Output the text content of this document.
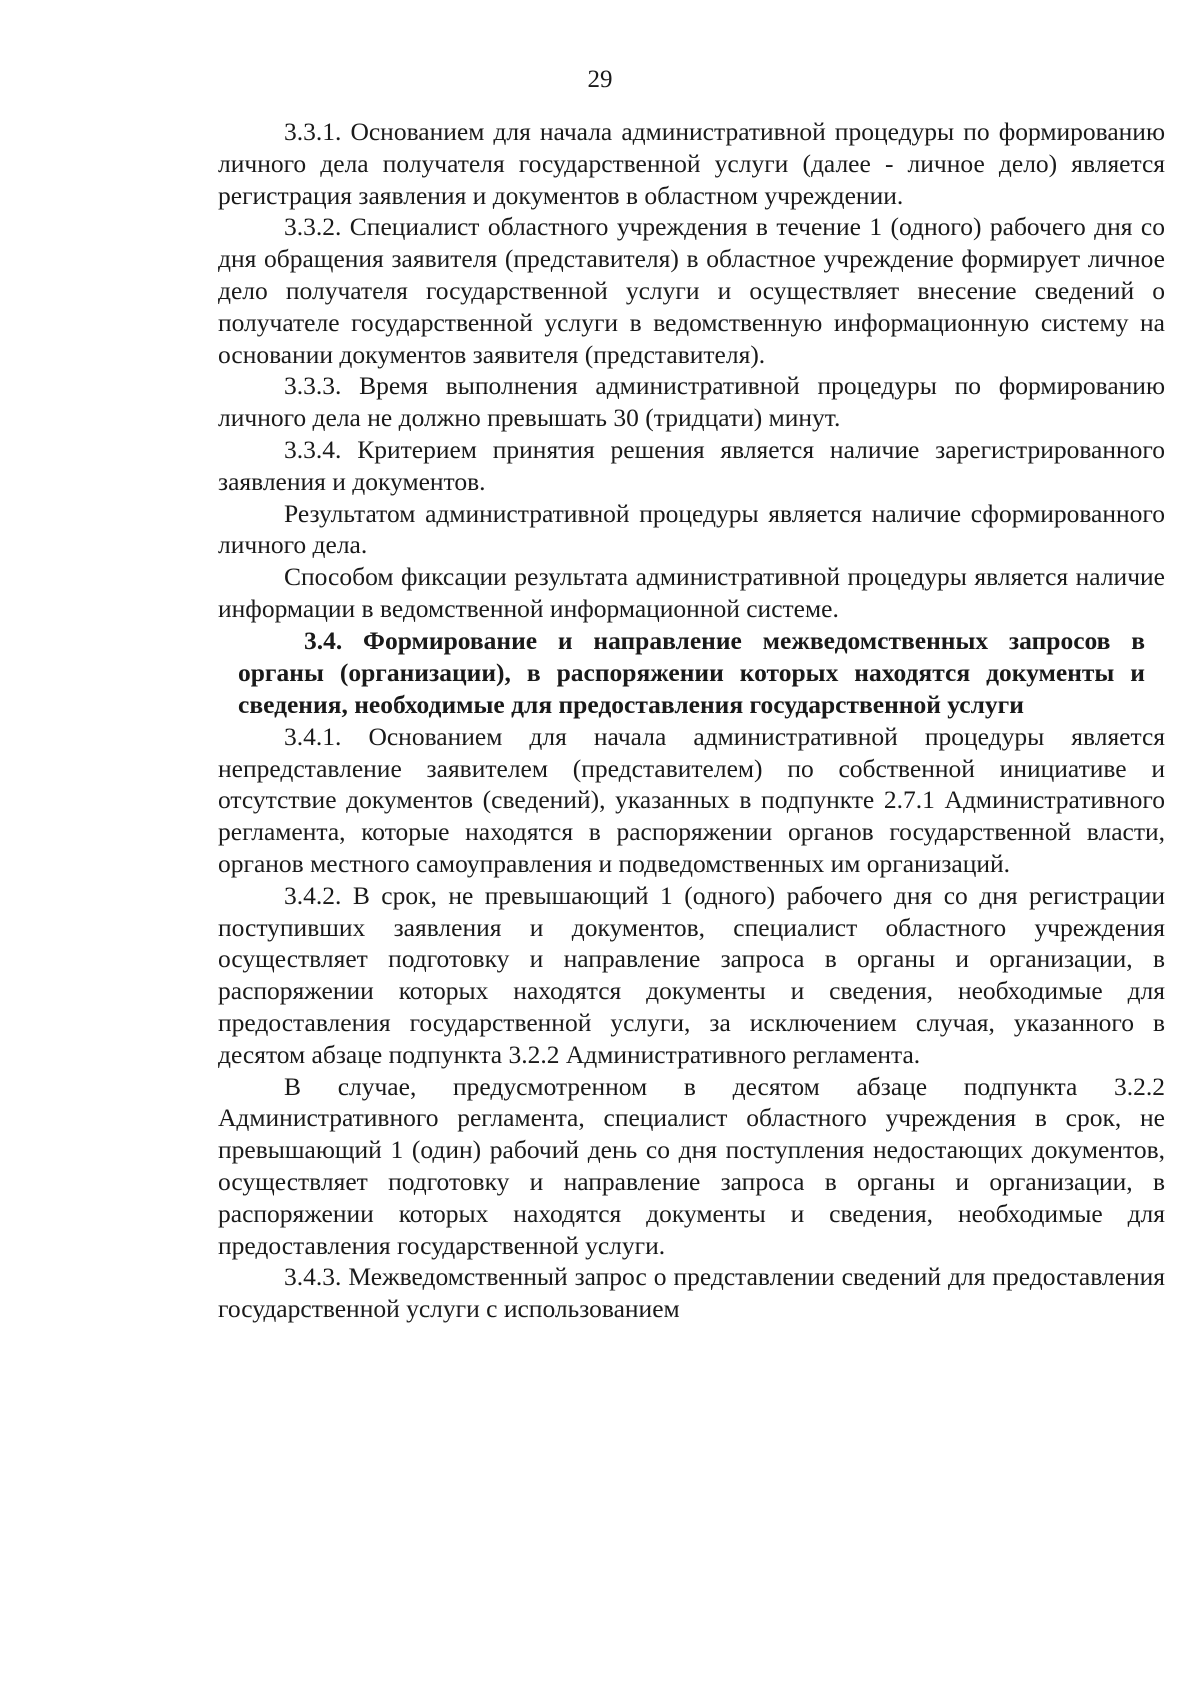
29

3.3.1. Основанием для начала административной процедуры по формированию личного дела получателя государственной услуги (далее - личное дело) является регистрация заявления и документов в областном учреждении.

3.3.2. Специалист областного учреждения в течение 1 (одного) рабочего дня со дня обращения заявителя (представителя) в областное учреждение формирует личное дело получателя государственной услуги и осуществляет внесение сведений о получателе государственной услуги в ведомственную информационную систему на основании документов заявителя (представителя).

3.3.3. Время выполнения административной процедуры по формированию личного дела не должно превышать 30 (тридцати) минут.

3.3.4. Критерием принятия решения является наличие зарегистрированного заявления и документов.

Результатом административной процедуры является наличие сформированного личного дела.

Способом фиксации результата административной процедуры является наличие информации в ведомственной информационной системе.

3.4. Формирование и направление межведомственных запросов в органы (организации), в распоряжении которых находятся документы и сведения, необходимые для предоставления государственной услуги

3.4.1. Основанием для начала административной процедуры является непредставление заявителем (представителем) по собственной инициативе и отсутствие документов (сведений), указанных в подпункте 2.7.1 Административного регламента, которые находятся в распоряжении органов государственной власти, органов местного самоуправления и подведомственных им организаций.

3.4.2. В срок, не превышающий 1 (одного) рабочего дня со дня регистрации поступивших заявления и документов, специалист областного учреждения осуществляет подготовку и направление запроса в органы и организации, в распоряжении которых находятся документы и сведения, необходимые для предоставления государственной услуги, за исключением случая, указанного в десятом абзаце подпункта 3.2.2 Административного регламента.

В случае, предусмотренном в десятом абзаце подпункта 3.2.2 Административного регламента, специалист областного учреждения в срок, не превышающий 1 (один) рабочий день со дня поступления недостающих документов, осуществляет подготовку и направление запроса в органы и организации, в распоряжении которых находятся документы и сведения, необходимые для предоставления государственной услуги.

3.4.3. Межведомственный запрос о представлении сведений для предоставления государственной услуги с использованием
